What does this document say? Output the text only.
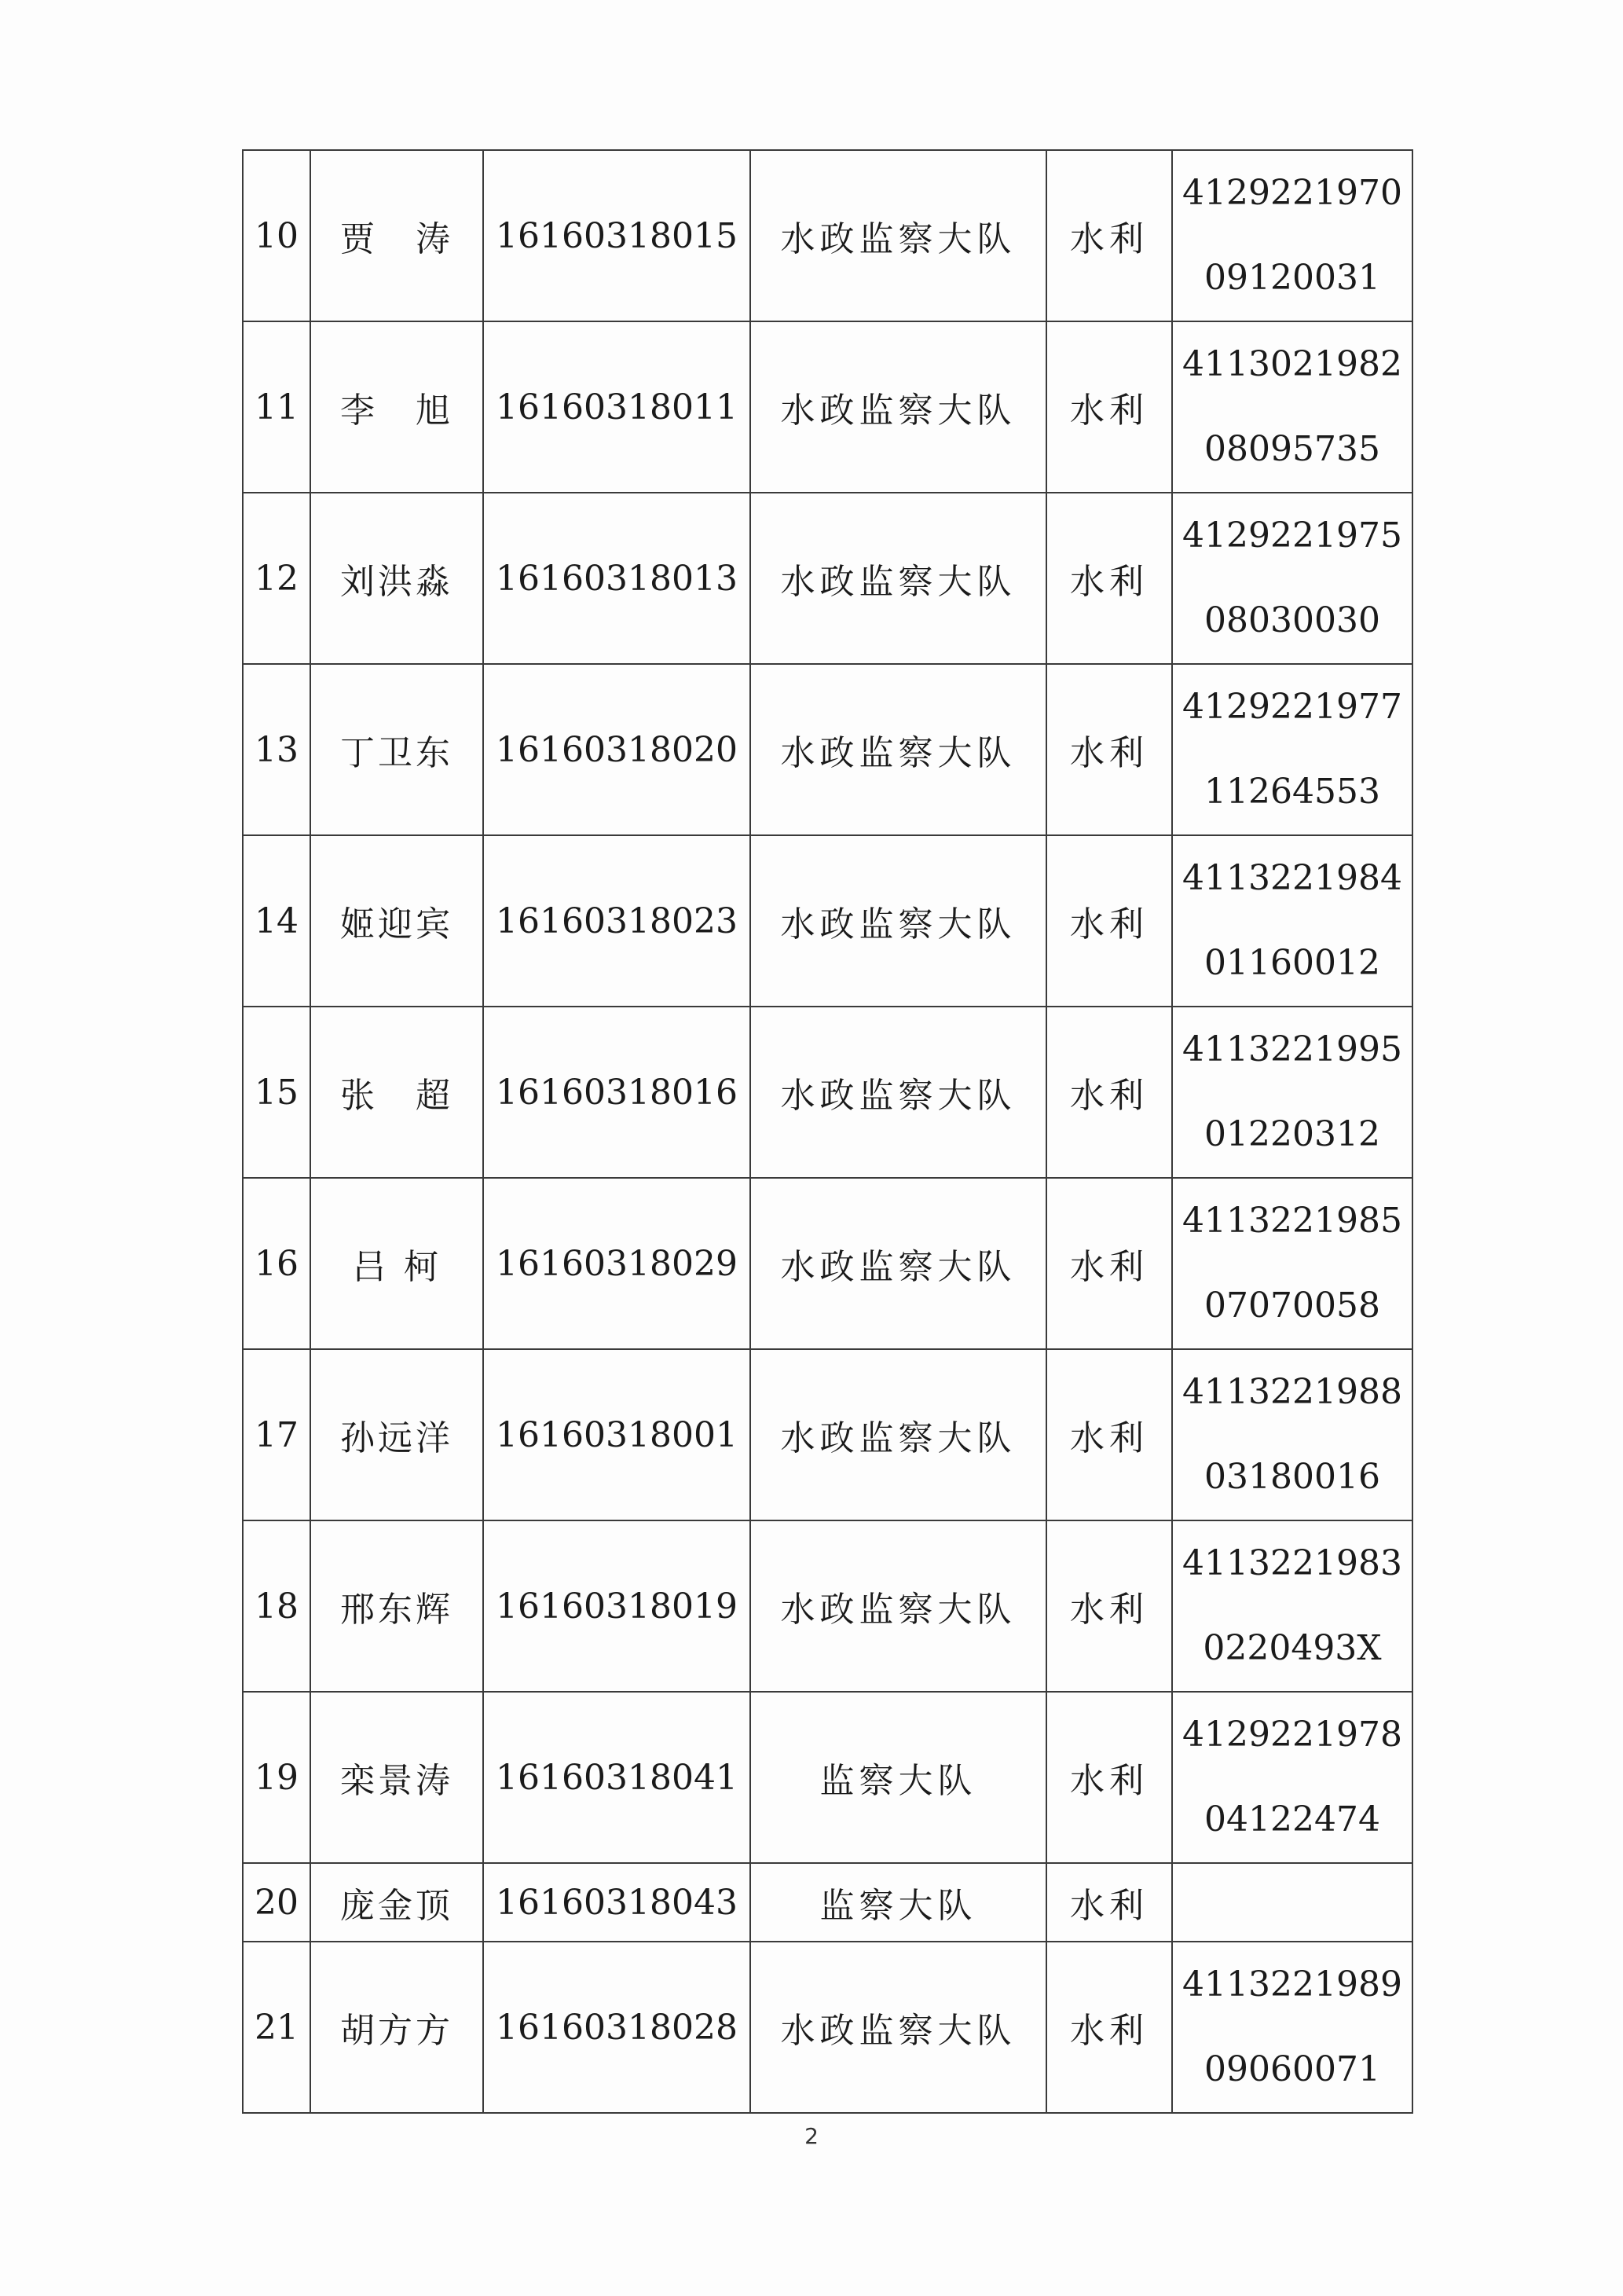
10	贾　涛	16160318015	水政监察大队	水利	4129221970
09120031

11	李　旭	16160318011	水政监察大队	水利	4113021982
08095735

12	刘洪淼	16160318013	水政监察大队	水利	4129221975
08030030

13	丁卫东	16160318020	水政监察大队	水利	4129221977
11264553

14	姬迎宾	16160318023	水政监察大队	水利	4113221984
01160012

15	张　超	16160318016	水政监察大队	水利	4113221995
01220312

16	吕 柯	16160318029	水政监察大队	水利	4113221985
07070058

17	孙远洋	16160318001	水政监察大队	水利	4113221988
03180016

18	邢东辉	16160318019	水政监察大队	水利	4113221983
0220493X

19	栾景涛	16160318041	监察大队	水利	4129221978
04122474

20	庞金顶	16160318043	监察大队	水利	

21	胡方方	16160318028	水政监察大队	水利	4113221989
09060071
2
